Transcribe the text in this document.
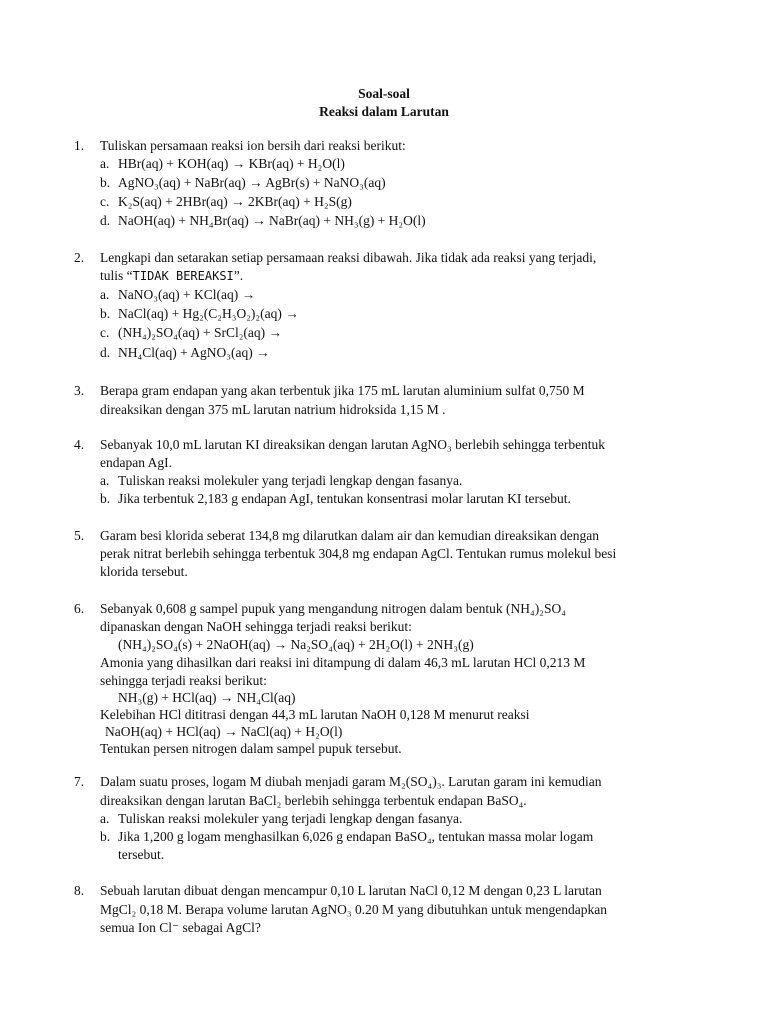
Soal-soal
Reaksi dalam Larutan
1. Tuliskan persamaan reaksi ion bersih dari reaksi berikut:
a. HBr(aq) + KOH(aq) → KBr(aq) + H₂O(l)
b. AgNO₃(aq) + NaBr(aq) → AgBr(s) + NaNO₃(aq)
c. K₂S(aq) + 2HBr(aq) → 2KBr(aq) + H₂S(g)
d. NaOH(aq) + NH₄Br(aq) → NaBr(aq) + NH₃(g) + H₂O(l)
2. Lengkapi dan setarakan setiap persamaan reaksi dibawah. Jika tidak ada reaksi yang terjadi,
tulis “TIDAK BEREAKSI”.
a. NaNO₃(aq) + KCl(aq) →
b. NaCl(aq) + Hg₂(C₂H₃O₂)₂(aq) →
c. (NH₄)₂SO₄(aq) + SrCl₂(aq) →
d. NH₄Cl(aq) + AgNO₃(aq) →
3. Berapa gram endapan yang akan terbentuk jika 175 mL larutan aluminium sulfat 0,750 M
direaksikan dengan 375 mL larutan natrium hidroksida 1,15 M .
4. Sebanyak 10,0 mL larutan KI direaksikan dengan larutan AgNO₃ berlebih sehingga terbentuk
endapan AgI.
a. Tuliskan reaksi molekuler yang terjadi lengkap dengan fasanya.
b. Jika terbentuk 2,183 g endapan AgI, tentukan konsentrasi molar larutan KI tersebut.
5. Garam besi klorida seberat 134,8 mg dilarutkan dalam air dan kemudian direaksikan dengan
perak nitrat berlebih sehingga terbentuk 304,8 mg endapan AgCl. Tentukan rumus molekul besi
klorida tersebut.
6. Sebanyak 0,608 g sampel pupuk yang mengandung nitrogen dalam bentuk (NH₄)₂SO₄
dipanaskan dengan NaOH sehingga terjadi reaksi berikut:
(NH₄)₂SO₄(s) + 2NaOH(aq) → Na₂SO₄(aq) + 2H₂O(l) + 2NH₃(g)
Amonia yang dihasilkan dari reaksi ini ditampung di dalam 46,3 mL larutan HCl 0,213 M
sehingga terjadi reaksi berikut:
NH₃(g) + HCl(aq) → NH₄Cl(aq)
Kelebihan HCl dititrasi dengan 44,3 mL larutan NaOH 0,128 M menurut reaksi
NaOH(aq) + HCl(aq) → NaCl(aq) + H₂O(l)
Tentukan persen nitrogen dalam sampel pupuk tersebut.
7. Dalam suatu proses, logam M diubah menjadi garam M₂(SO₄)₃. Larutan garam ini kemudian
direaksikan dengan larutan BaCl₂ berlebih sehingga terbentuk endapan BaSO₄.
a. Tuliskan reaksi molekuler yang terjadi lengkap dengan fasanya.
b. Jika 1,200 g logam menghasilkan 6,026 g endapan BaSO₄, tentukan massa molar logam
tersebut.
8. Sebuah larutan dibuat dengan mencampur 0,10 L larutan NaCl 0,12 M dengan 0,23 L larutan
MgCl₂ 0,18 M. Berapa volume larutan AgNO₃ 0.20 M yang dibutuhkan untuk mengendapkan
semua Ion Cl⁻ sebagai AgCl?
